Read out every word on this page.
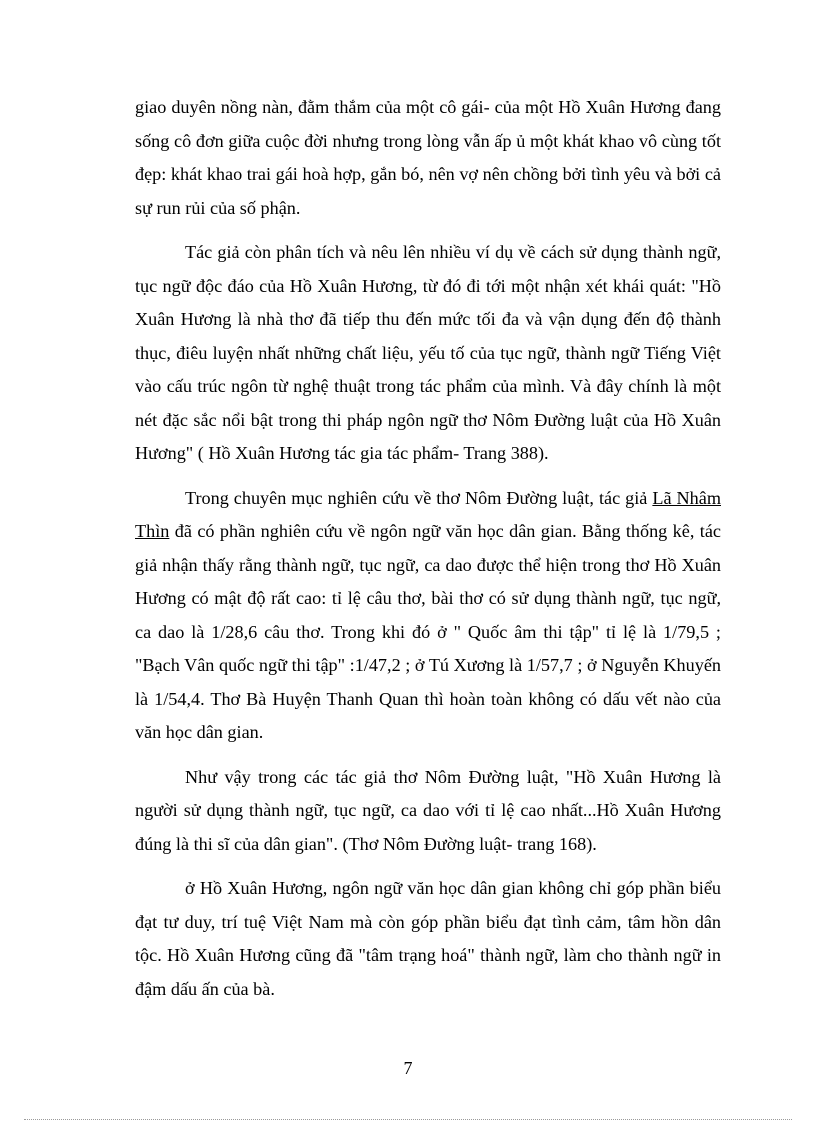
giao duyên nồng nàn, đằm thắm của một cô gái- của một Hồ Xuân Hương đang sống cô đơn giữa cuộc đời nhưng trong lòng vẫn ấp ủ một khát khao vô cùng tốt đẹp: khát khao trai gái hoà hợp, gắn bó, nên vợ nên chồng bởi tình yêu và bởi cả sự run rủi của số phận.

Tác giả còn phân tích và nêu lên nhiều ví dụ về cách sử dụng thành ngữ, tục ngữ độc đáo của Hồ Xuân Hương, từ đó đi tới một nhận xét khái quát: "Hồ Xuân Hương là nhà thơ đã tiếp thu đến mức tối đa và vận dụng đến độ thành thục, điêu luyện nhất những chất liệu, yếu tố của tục ngữ, thành ngữ Tiếng Việt vào cấu trúc ngôn từ nghệ thuật trong tác phẩm của mình. Và đây chính là một nét đặc sắc nổi bật trong thi pháp ngôn ngữ thơ Nôm Đường luật của Hồ Xuân Hương" ( Hồ Xuân Hương tác gia tác phẩm- Trang 388).

Trong chuyên mục nghiên cứu về thơ Nôm Đường luật, tác giả Lã Nhâm Thìn đã có phần nghiên cứu về ngôn ngữ văn học dân gian. Bằng thống kê, tác giả nhận thấy rằng thành ngữ, tục ngữ, ca dao được thể hiện trong thơ Hồ Xuân Hương có mật độ rất cao: tỉ lệ câu thơ, bài thơ có sử dụng thành ngữ, tục ngữ, ca dao là 1/28,6 câu thơ. Trong khi đó ở " Quốc âm thi tập" tỉ lệ là 1/79,5 ; "Bạch Vân quốc ngữ thi tập" :1/47,2 ; ở Tú Xương là 1/57,7 ; ở Nguyễn Khuyến là 1/54,4. Thơ Bà Huyện Thanh Quan thì hoàn toàn không có dấu vết nào của văn học dân gian.

Như vậy trong các tác giả thơ Nôm Đường luật, "Hồ Xuân Hương là người sử dụng thành ngữ, tục ngữ, ca dao với tỉ lệ cao nhất...Hồ Xuân Hương đúng là thi sĩ của dân gian". (Thơ Nôm Đường luật- trang 168).

ở Hồ Xuân Hương, ngôn ngữ văn học dân gian không chỉ góp phần biểu đạt tư duy, trí tuệ Việt Nam mà còn góp phần biểu đạt tình cảm, tâm hồn dân tộc. Hồ Xuân Hương cũng đã "tâm trạng hoá" thành ngữ, làm cho thành ngữ in đậm dấu ấn của bà.

7
